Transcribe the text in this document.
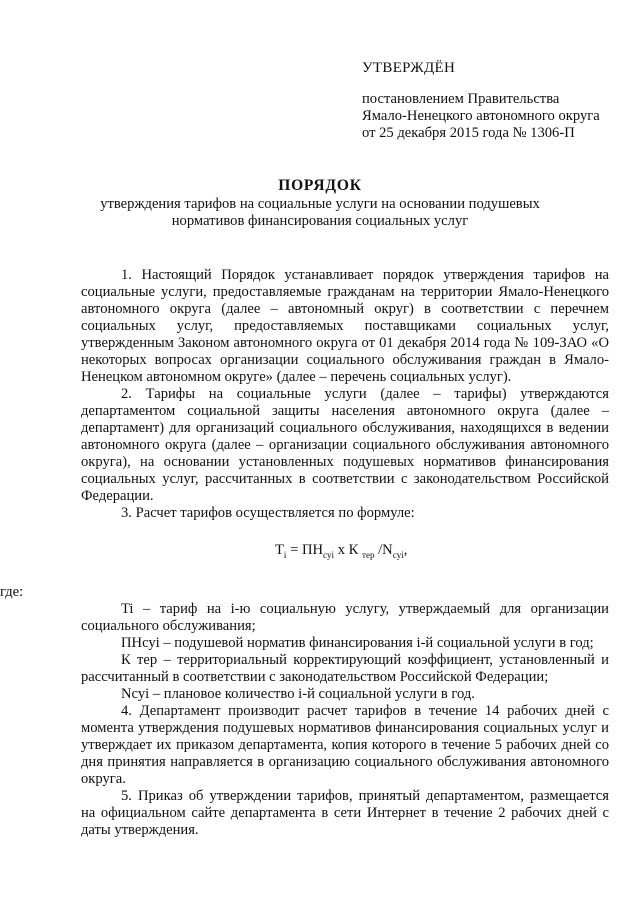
УТВЕРЖДЁН
постановлением Правительства
Ямало-Ненецкого автономного округа
от 25 декабря 2015 года № 1306-П
ПОРЯДОК
утверждения тарифов на социальные услуги на основании подушевых
нормативов финансирования социальных услуг

1. Настоящий Порядок устанавливает порядок утверждения тарифов на социальные услуги, предоставляемые гражданам на территории Ямало-Ненецкого автономного округа (далее – автономный округ) в соответствии с перечнем социальных услуг, предоставляемых поставщиками социальных услуг, утвержденным Законом автономного округа от 01 декабря 2014 года № 109-ЗАО «О некоторых вопросах организации социального обслуживания граждан в Ямало-Ненецком автономном округе» (далее – перечень социальных услуг).

2. Тарифы на социальные услуги (далее – тарифы) утверждаются департаментом социальной защиты населения автономного округа (далее – департамент) для организаций социального обслуживания, находящихся в ведении автономного округа (далее – организации социального обслуживания автономного округа), на основании установленных подушевых нормативов финансирования социальных услуг, рассчитанных в соответствии с законодательством Российской Федерации.

3. Расчет тарифов осуществляется по формуле:

$T_i = ПН_{сyi}$ х К $_{тер}$ $/N_{сyi}$,

где:

Ti – тариф на i-ю социальную услугу, утверждаемый для организации социального обслуживания;

ПНсуi – подушевой норматив финансирования i-й социальной услуги в год;

К тер – территориальный корректирующий коэффициент, установленный и рассчитанный в соответствии с законодательством Российской Федерации;

Nсуi – плановое количество i-й социальной услуги в год.

4. Департамент производит расчет тарифов в течение 14 рабочих дней с момента утверждения подушевых нормативов финансирования социальных услуг и утверждает их приказом департамента, копия которого в течение 5 рабочих дней со дня принятия направляется в организацию социального обслуживания автономного округа.

5. Приказ об утверждении тарифов, принятый департаментом, размещается на официальном сайте департамента в сети Интернет в течение 2 рабочих дней с даты утверждения.
